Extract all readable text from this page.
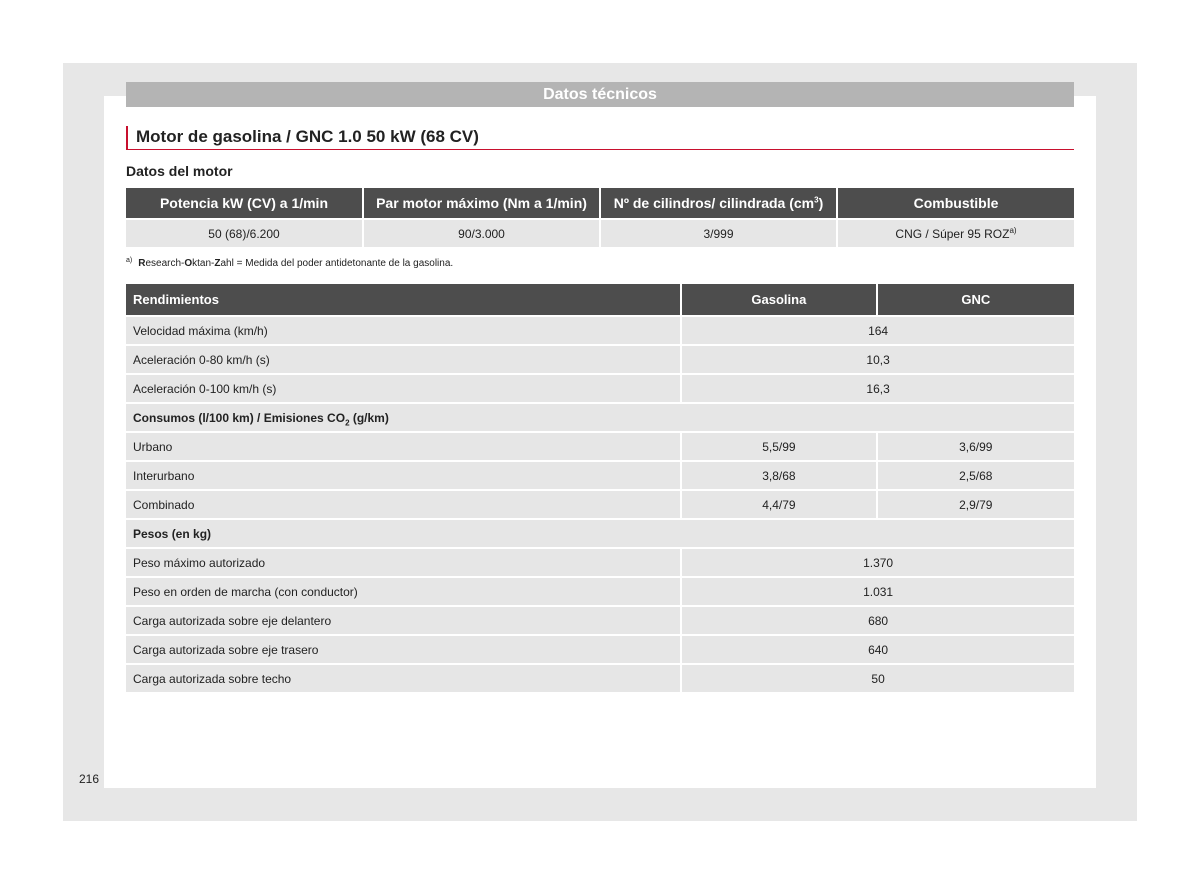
Datos técnicos
Motor de gasolina / GNC 1.0 50 kW (68 CV)
Datos del motor
Potencia kW (CV) a 1/min	Par motor máximo (Nm a 1/min)	Nº de cilindros/ cilindrada $(cm^3)$	Combustible
50 (68)/6.200	90/3.000	3/999	CNG / Súper 95 ROZ$^{a)}$
$^{a)}$ Research-Oktan-Zahl = Medida del poder antidetonante de la gasolina.
Rendimientos	Gasolina	GNC
Velocidad máxima (km/h)	164	
Aceleración 0-80 km/h (s)	10,3	
Aceleración 0-100 km/h (s)	16,3	
Consumos (l/100 km) / Emisiones $CO_2$ (g/km)		
Urbano	5,5/99	3,6/99
Interurbano	3,8/68	2,5/68
Combinado	4,4/79	2,9/79
Pesos (en kg)		
Peso máximo autorizado	1.370	
Peso en orden de marcha (con conductor)	1.031	
Carga autorizada sobre eje delantero	680	
Carga autorizada sobre eje trasero	640	
Carga autorizada sobre techo	50	
216
